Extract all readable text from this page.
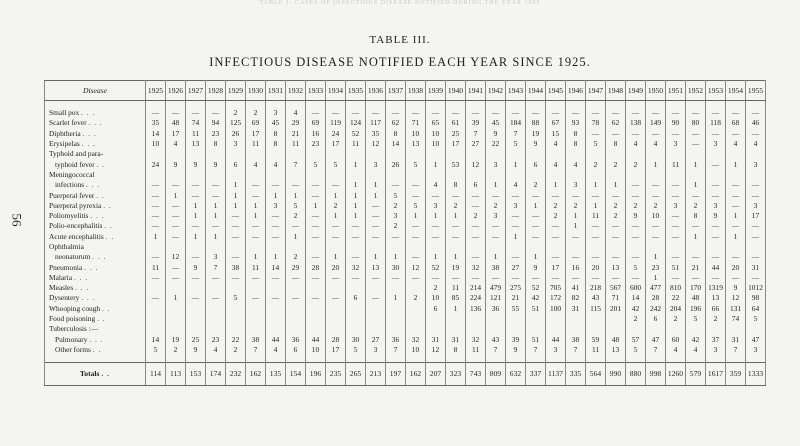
TABLE 1. CASES OF INFECTIOUS DISEASE NOTIFIED DURING THE YEAR 1955
56
TABLE III.
INFECTIOUS DISEASE NOTIFIED EACH YEAR SINCE 1925.
Disease	1925	1926	1927	1928	1929	1930	1931	1932	1933	1934	1935	1936	1937	1938	1939	1940	1941	1942	1943	1944	1945	1946	1947	1948	1949	1950	1951	1952	1953	1954	1955

Small pox . . .	—	—	—	—	2	2	3	4	—	—	—	—	—	—	—	—	—	—	—	—	—	—	—	—	—	—	—	—	—	—	—
Scarlet fever . . .	35	48	74	94	125	69	45	29	69	119	124	117	62	71	65	61	39	45	184	88	67	93	78	62	138	149	90	80	118	68	46
Diphtheria . . .	14	17	11	23	26	17	8	21	16	24	52	35	8	10	10	25	7	9	7	19	15	8	—	—	—	—	—	—	—	—	—
Erysipelas . . .	10	4	13	8	3	11	8	11	23	17	11	12	14	13	10	17	27	22	5	9	4	8	5	8	4	4	3	—	3	4	4
Typhoid and para-																															
typhoid fever . .	24	9	9	9	6	4	4	7	5	5	1	3	26	5	1	53	12	3	1	6	4	4	2	2	2	1	11	1	—	1	3
Meningococcal																															
infections . . .	—	—	—	—	1	—	—	—	—	—	1	1	—	—	4	8	6	1	4	2	1	3	1	1	—	—	—	1	—	—	—
Puerperal fever . .	—	1	—	—	1	—	1	1	—	1	1	1	5	—	—	—	—	—	—	—	—	—	—	—	—	—	—	—	—	—	—
Puerperal pyrexia . .	—	—	1	1	1	1	3	5	1	2	1	—	2	5	3	2	—	2	3	1	2	2	1	2	2	2	3	2	3	—	3
Poliomyelitis . . .	—	—	1	1	—	1	—	2	—	1	1	—	3	1	1	1	2	3	—	—	2	1	11	2	9	10	—	8	9	1	17
Polio-encephalitis . .	—	—	—	—	—	—	—	—	—	—	—	—	2	—	—	—	—	—	—	—	—	1	—	—	—	—	—	—	—	—	—
Acute encephalitis . .	1	—	1	1	—	—	—	1	—	—	—	—	—	—	—	—	—	—	1	—	—	—	—	—	—	—	—	1	—	1	—
Ophthalmia																															
neonatorum . . .	—	12	—	3	—	1	1	2	—	1	—	1	1	—	1	1	—	1	—	1	—	—	—	—	—	1	—	—	—	—	—
Pneumonia . . .	11	—	9	7	38	11	14	29	28	20	32	13	30	12	52	19	32	38	27	9	17	16	20	13	5	23	51	21	44	20	31
Malaria . . .	—	—	—	—	—	—	—	—	—	—	—	—	—	—	—	—	—	—	—	—	—	—	—	—	—	1	—	—	—	—	—
Measles . . .															2	11	214	479	275	52	705	41	218	567	600	477	810	170	1319	9	1012
Dysentery . . .	—	1	—	—	5	—	—	—	—	—	6	—	1	2	10	85	224	121	21	42	172	82	43	71	14	28	22	48	13	12	98
Whooping cough . .															6	1	136	36	55	51	100	31	115	201	42	242	204	196	66	131	64
Food poisoning . .																									2	6	2	5	2	74	5
Tuberculosis :—																															
Pulmonary . . .	14	19	25	23	22	38	44	36	44	28	30	27	36	32	31	31	32	43	39	51	44	38	59	48	57	47	60	42	37	31	47
Other forms . .	5	2	9	4	2	7	4	6	10	17	5	3	7	10	12	8	11	7	9	7	3	7	11	13	5	7	4	4	3	7	3

Totals . .	114	113	153	174	232	162	135	154	196	235	265	213	197	162	207	323	743	809	632	337	1137	335	564	990	880	998	1260	579	1617	359	1333
